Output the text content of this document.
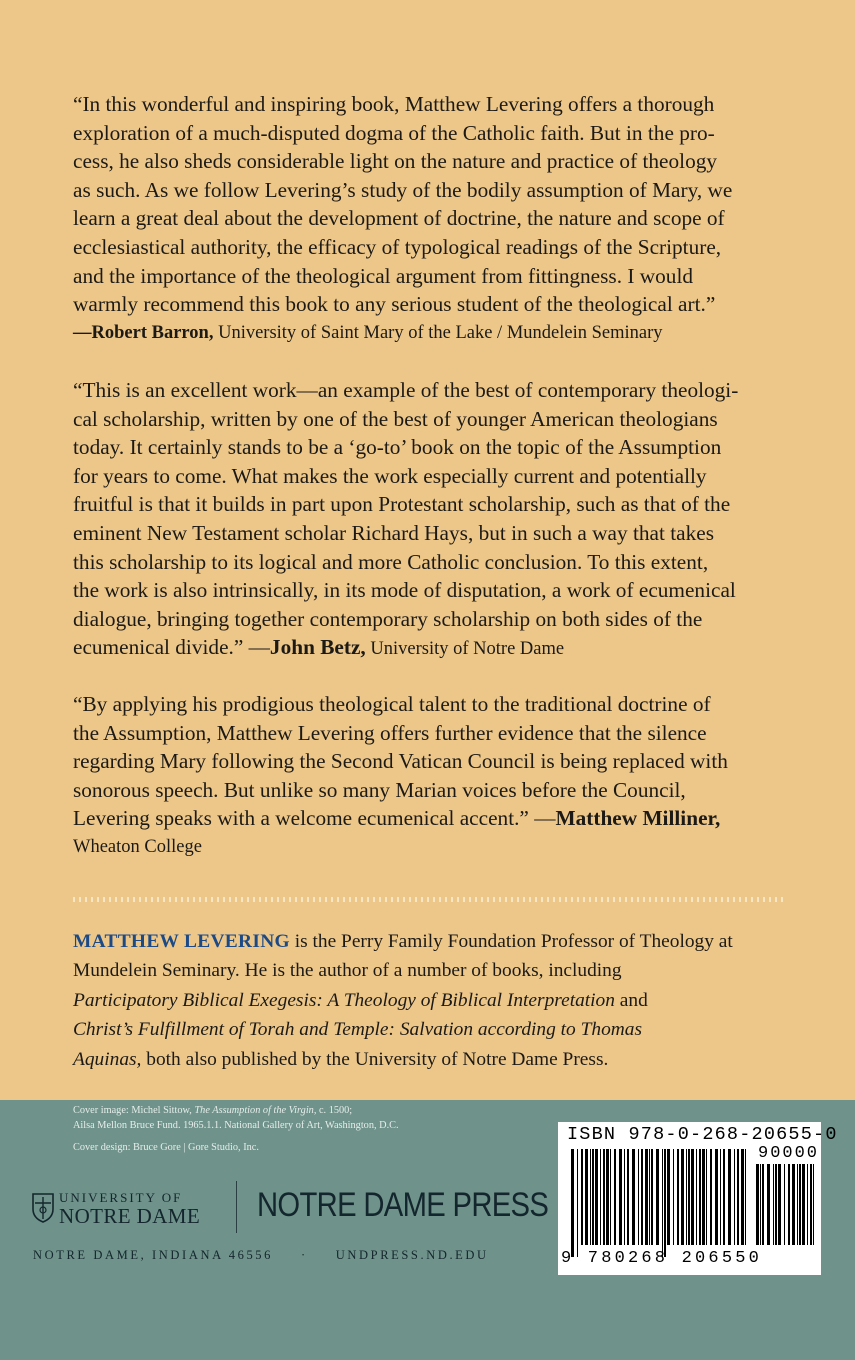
“In this wonderful and inspiring book, Matthew Levering offers a thorough
exploration of a much-disputed dogma of the Catholic faith. But in the pro-
cess, he also sheds considerable light on the nature and practice of theology
as such. As we follow Levering’s study of the bodily assumption of Mary, we
learn a great deal about the development of doctrine, the nature and scope of
ecclesiastical authority, the efficacy of typological readings of the Scripture,
and the importance of the theological argument from fittingness. I would
warmly recommend this book to any serious student of the theological art.”
—Robert Barron, University of Saint Mary of the Lake / Mundelein Seminary
“This is an excellent work—an example of the best of contemporary theologi-
cal scholarship, written by one of the best of younger American theologians
today. It certainly stands to be a ‘go-to’ book on the topic of the Assumption
for years to come. What makes the work especially current and potentially
fruitful is that it builds in part upon Protestant scholarship, such as that of the
eminent New Testament scholar Richard Hays, but in such a way that takes
this scholarship to its logical and more Catholic conclusion. To this extent,
the work is also intrinsically, in its mode of disputation, a work of ecumenical
dialogue, bringing together contemporary scholarship on both sides of the
ecumenical divide.” —John Betz, University of Notre Dame
“By applying his prodigious theological talent to the traditional doctrine of
the Assumption, Matthew Levering offers further evidence that the silence
regarding Mary following the Second Vatican Council is being replaced with
sonorous speech. But unlike so many Marian voices before the Council,
Levering speaks with a welcome ecumenical accent.” —Matthew Milliner,
Wheaton College
MATTHEW LEVERING is the Perry Family Foundation Professor of Theology at
Mundelein Seminary. He is the author of a number of books, including
Participatory Biblical Exegesis: A Theology of Biblical Interpretation and
Christ’s Fulfillment of Torah and Temple: Salvation according to Thomas
Aquinas, both also published by the University of Notre Dame Press.
Cover image: Michel Sittow, The Assumption of the Virgin, c. 1500;
Ailsa Mellon Bruce Fund. 1965.1.1. National Gallery of Art, Washington, D.C.
Cover design: Bruce Gore | Gore Studio, Inc.
UNIVERSITY OF
NOTRE DAME NOTRE DAME PRESS
NOTRE DAME, INDIANA 46556 · UNDPRESS.ND.EDU
ISBN 978-0-268-20655-0
90000
9 780268 206550
